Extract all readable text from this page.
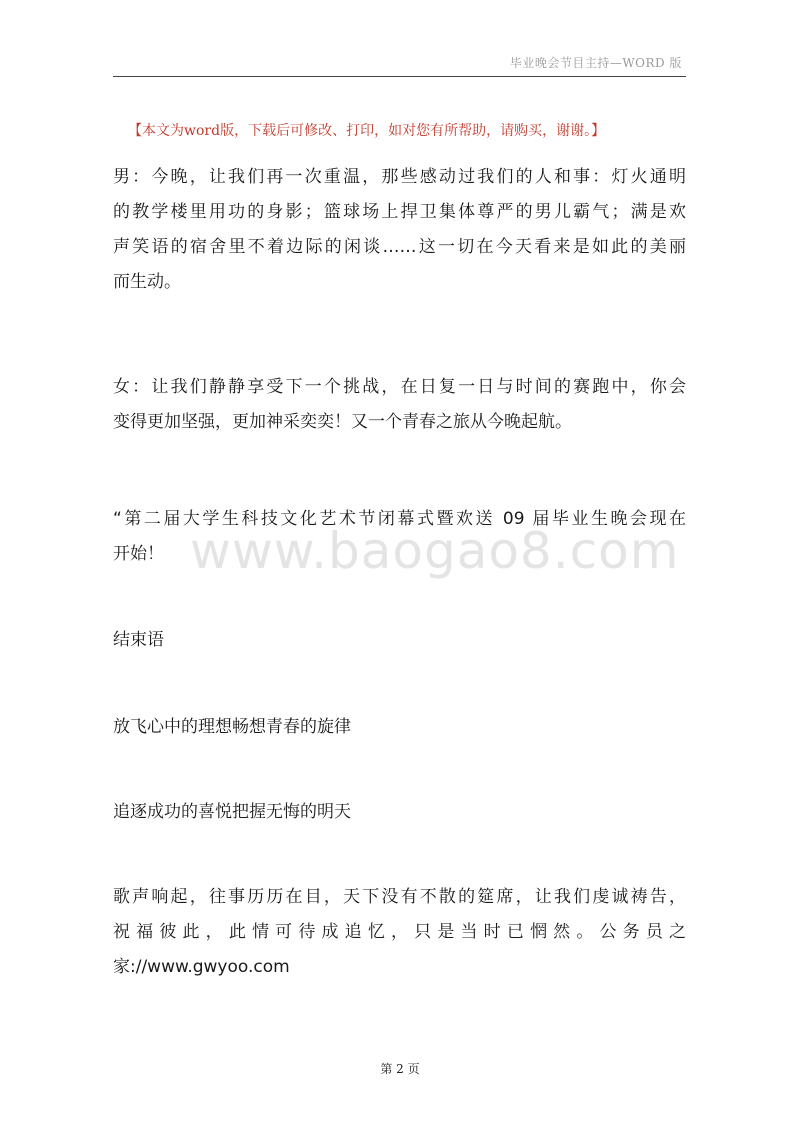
毕业晚会节目主持—WORD 版
【本文为word版，下载后可修改、打印，如对您有所帮助，请购买，谢谢。】
男：今晚，让我们再一次重温，那些感动过我们的人和事：灯火通明
的教学楼里用功的身影；篮球场上捍卫集体尊严的男儿霸气；满是欢
声笑语的宿舍里不着边际的闲谈……这一切在今天看来是如此的美丽
而生动。
女：让我们静静享受下一个挑战，在日复一日与时间的赛跑中，你会
变得更加坚强，更加神采奕奕！又一个青春之旅从今晚起航。
“第二届大学生科技文化艺术节闭幕式暨欢送 09 届毕业生晚会现在
开始！ www.baogao8.com
结束语
放飞心中的理想畅想青春的旋律
追逐成功的喜悦把握无悔的明天
歌声响起，往事历历在目，天下没有不散的筵席，让我们虔诚祷告，
祝福彼此，此情可待成追忆，只是当时已惘然。公务员之
家://www.gwyoo.com
第 2 页
